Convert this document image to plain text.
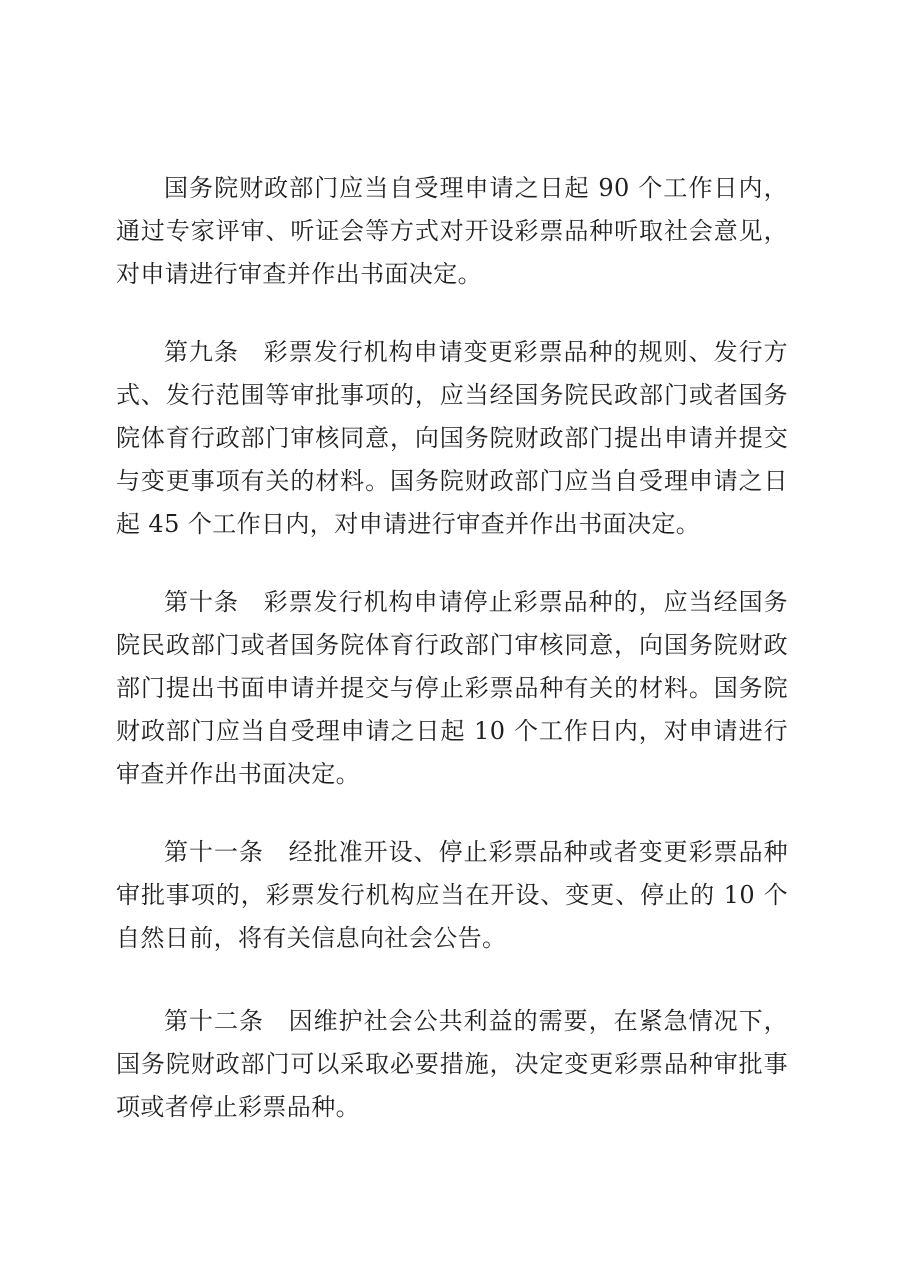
国务院财政部门应当自受理申请之日起 90 个工作日内，通过专家评审、听证会等方式对开设彩票品种听取社会意见，对申请进行审查并作出书面决定。

第九条 彩票发行机构申请变更彩票品种的规则、发行方式、发行范围等审批事项的，应当经国务院民政部门或者国务院体育行政部门审核同意，向国务院财政部门提出申请并提交与变更事项有关的材料。国务院财政部门应当自受理申请之日起 45 个工作日内，对申请进行审查并作出书面决定。

第十条 彩票发行机构申请停止彩票品种的，应当经国务院民政部门或者国务院体育行政部门审核同意，向国务院财政部门提出书面申请并提交与停止彩票品种有关的材料。国务院财政部门应当自受理申请之日起 10 个工作日内，对申请进行审查并作出书面决定。

第十一条 经批准开设、停止彩票品种或者变更彩票品种审批事项的，彩票发行机构应当在开设、变更、停止的 10 个自然日前，将有关信息向社会公告。

第十二条 因维护社会公共利益的需要，在紧急情况下，国务院财政部门可以采取必要措施，决定变更彩票品种审批事项或者停止彩票品种。
